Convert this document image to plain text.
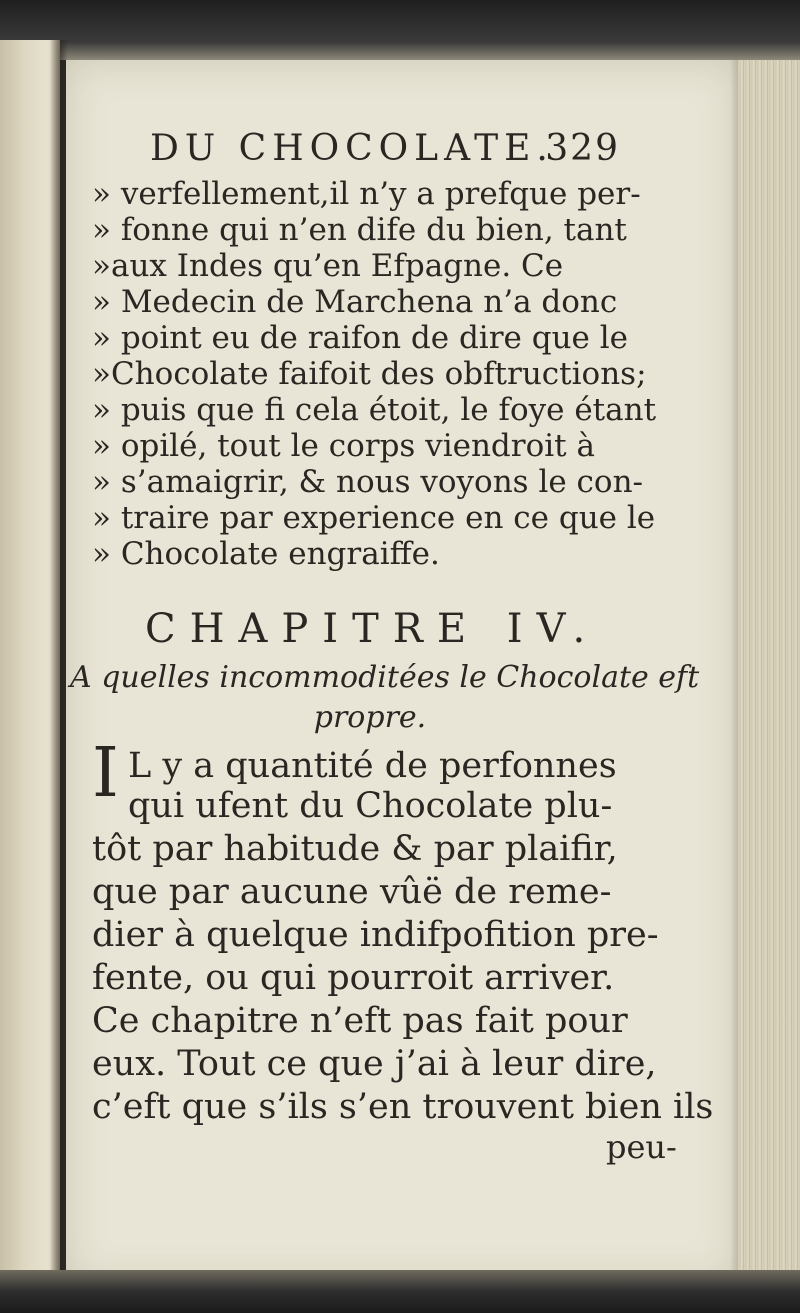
DU CHOCOLATE.
329
» verfellement,il n’y a prefque per-
» fonne qui n’en dife du bien, tant
»aux Indes qu’en Efpagne. Ce
» Medecin de Marchena n’a donc
» point eu de raifon de dire que le
»Chocolate faifoit des obftructions;
» puis que fi cela étoit, le foye étant
» opilé, tout le corps viendroit à
» s’amaigrir, & nous voyons le con-
» traire par experience en ce que le
CHAPITRE IV.
A quelles incommoditées le Chocolate eft
propre.
I L y a quantité de perfonnes
qui ufent du Chocolate plu-
tôt par habitude & par plaifir,
que par aucune vûë de reme-
dier à quelque indifpofition pre-
fente, ou qui pourroit arriver.
Ce chapitre n’eft pas fait pour
eux. Tout ce que j’ai à leur dire,
c’eft que s’ils s’en trouvent bien ils
peu-
» Chocolate engraiffe.
